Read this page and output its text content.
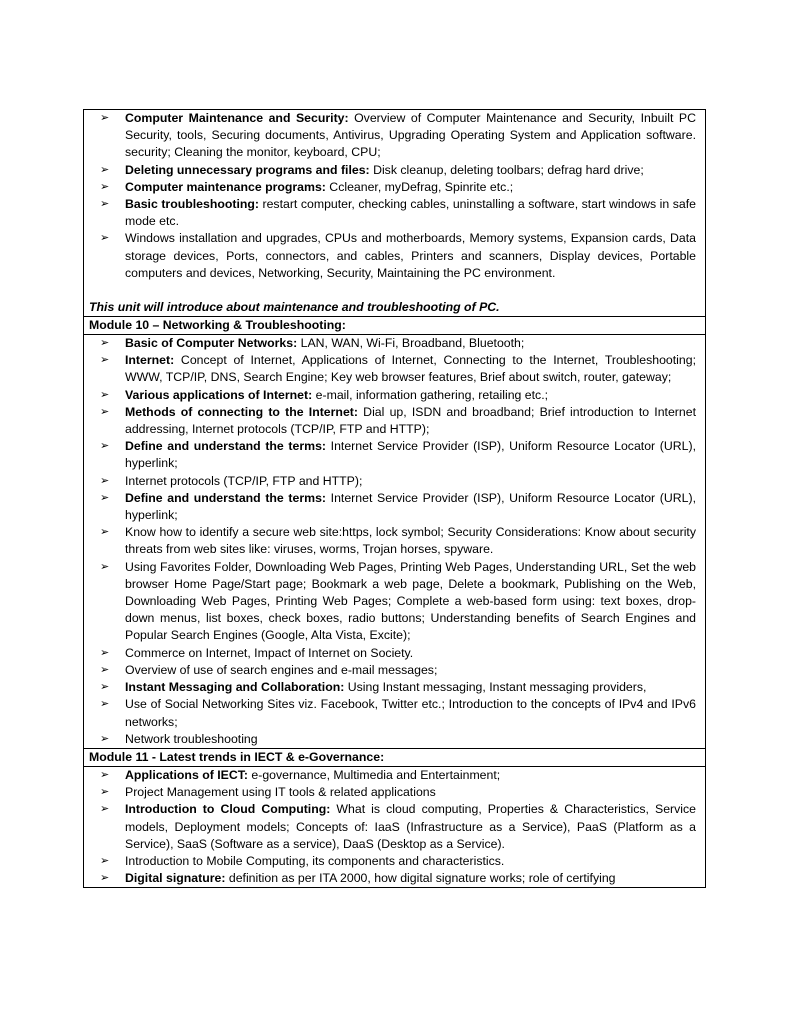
➢ Computer Maintenance and Security: Overview of Computer Maintenance and Security, Inbuilt PC Security, tools, Securing documents, Antivirus, Upgrading Operating System and Application software. security; Cleaning the monitor, keyboard, CPU;
➢ Deleting unnecessary programs and files: Disk cleanup, deleting toolbars; defrag hard drive;
➢ Computer maintenance programs: Ccleaner, myDefrag, Spinrite etc.;
➢ Basic troubleshooting: restart computer, checking cables, uninstalling a software, start windows in safe mode etc.
➢ Windows installation and upgrades, CPUs and motherboards, Memory systems, Expansion cards, Data storage devices, Ports, connectors, and cables, Printers and scanners, Display devices, Portable computers and devices, Networking, Security, Maintaining the PC environment.
This unit will introduce about maintenance and troubleshooting of PC.
Module 10 – Networking & Troubleshooting:
➢ Basic of Computer Networks: LAN, WAN, Wi-Fi, Broadband, Bluetooth;
➢ Internet: Concept of Internet, Applications of Internet, Connecting to the Internet, Troubleshooting; WWW, TCP/IP, DNS, Search Engine; Key web browser features, Brief about switch, router, gateway;
➢ Various applications of Internet: e-mail, information gathering, retailing etc.;
➢ Methods of connecting to the Internet: Dial up, ISDN and broadband; Brief introduction to Internet addressing, Internet protocols (TCP/IP, FTP and HTTP);
➢ Define and understand the terms: Internet Service Provider (ISP), Uniform Resource Locator (URL), hyperlink;
➢ Internet protocols (TCP/IP, FTP and HTTP);
➢ Define and understand the terms: Internet Service Provider (ISP), Uniform Resource Locator (URL), hyperlink;
➢ Know how to identify a secure web site:https, lock symbol; Security Considerations: Know about security threats from web sites like: viruses, worms, Trojan horses, spyware.
➢ Using Favorites Folder, Downloading Web Pages, Printing Web Pages, Understanding URL, Set the web browser Home Page/Start page; Bookmark a web page, Delete a bookmark, Publishing on the Web, Downloading Web Pages, Printing Web Pages; Complete a web-based form using: text boxes, drop-down menus, list boxes, check boxes, radio buttons; Understanding benefits of Search Engines and Popular Search Engines (Google, Alta Vista, Excite);
➢ Commerce on Internet, Impact of Internet on Society.
➢ Overview of use of search engines and e-mail messages;
➢ Instant Messaging and Collaboration: Using Instant messaging, Instant messaging providers,
➢ Use of Social Networking Sites viz. Facebook, Twitter etc.; Introduction to the concepts of IPv4 and IPv6 networks;
➢ Network troubleshooting
Module 11 - Latest trends in IECT & e-Governance:
➢ Applications of IECT: e-governance, Multimedia and Entertainment;
➢ Project Management using IT tools & related applications
➢ Introduction to Cloud Computing: What is cloud computing, Properties & Characteristics, Service models, Deployment models; Concepts of: IaaS (Infrastructure as a Service), PaaS (Platform as a Service), SaaS (Software as a service), DaaS (Desktop as a Service).
➢ Introduction to Mobile Computing, its components and characteristics.
➢ Digital signature: definition as per ITA 2000, how digital signature works; role of certifying
